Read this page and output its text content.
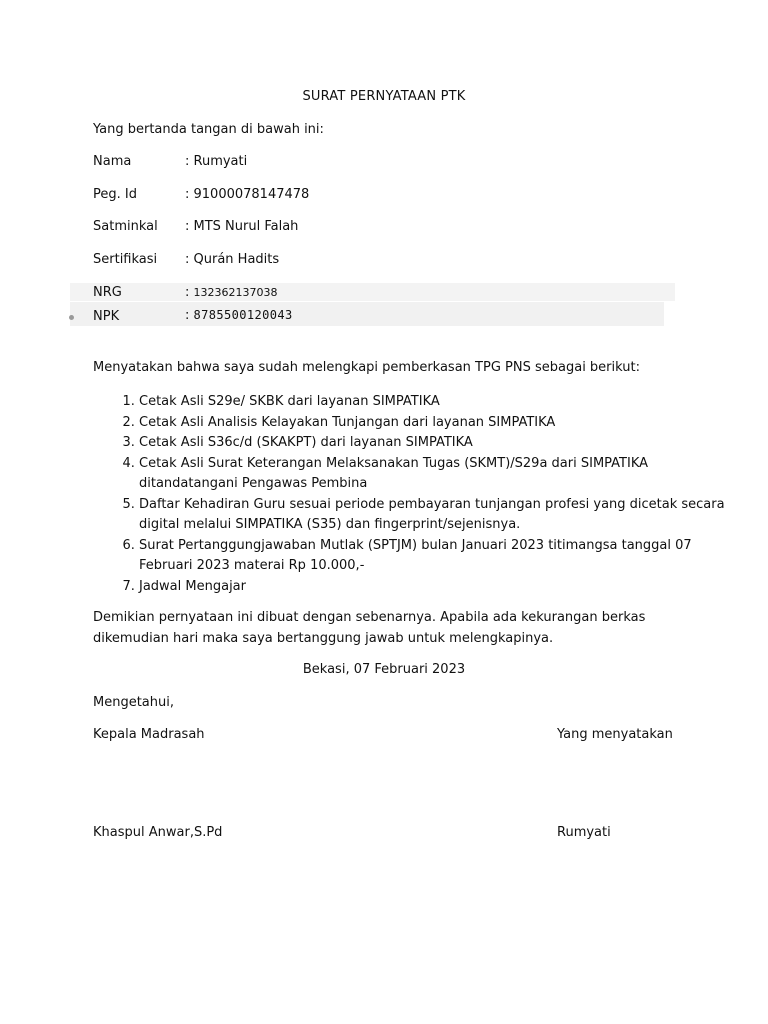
SURAT PERNYATAAN PTK
Yang bertanda tangan di bawah ini:
Nama	: Rumyati
Peg. Id	: 91000078147478
Satminkal : MTS Nurul Falah
Sertifikasi : Qurán Hadits
NRG	: 132362137038
NPK	: 8785500120043
Menyatakan bahwa saya sudah melengkapi pemberkasan TPG PNS sebagai berikut:
1. Cetak Asli S29e/ SKBK dari layanan SIMPATIKA
2. Cetak Asli Analisis Kelayakan Tunjangan dari layanan SIMPATIKA
3. Cetak Asli S36c/d (SKAKPT) dari layanan SIMPATIKA
4. Cetak Asli Surat Keterangan Melaksanakan Tugas (SKMT)/S29a dari SIMPATIKA ditandatangani Pengawas Pembina
5. Daftar Kehadiran Guru sesuai periode pembayaran tunjangan profesi yang dicetak secara digital melalui SIMPATIKA (S35) dan fingerprint/sejenisnya.
6. Surat Pertanggungjawaban Mutlak (SPTJM) bulan Januari 2023 titimangsa tanggal 07 Februari 2023 materai Rp 10.000,-
7. Jadwal Mengajar
Demikian pernyataan ini dibuat dengan sebenarnya. Apabila ada kekurangan berkas dikemudian hari maka saya bertanggung jawab untuk melengkapinya.
Bekasi, 07 Februari 2023
Mengetahui,
Kepala Madrasah	Yang menyatakan
Khaspul Anwar,S.Pd	Rumyati
